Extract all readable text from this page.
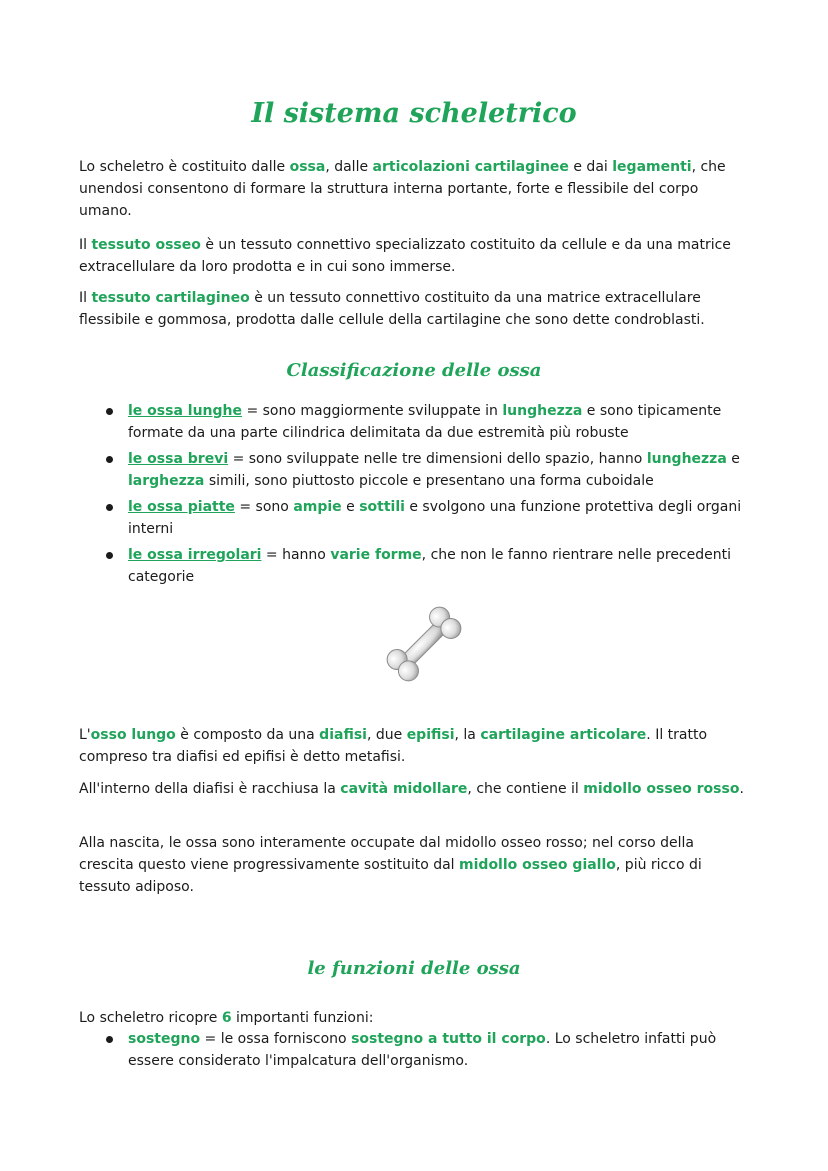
Il sistema scheletrico

Lo scheletro è costituito dalle ossa, dalle articolazioni cartilaginee e dai legamenti, che unendosi consentono di formare la struttura interna portante, forte e flessibile del corpo umano.

Il tessuto osseo è un tessuto connettivo specializzato costituito da cellule e da una matrice extracellulare da loro prodotta e in cui sono immerse.

Il tessuto cartilagineo è un tessuto connettivo costituito da una matrice extracellulare flessibile e gommosa, prodotta dalle cellule della cartilagine che sono dette condroblasti.

Classificazione delle ossa
le ossa lunghe = sono maggiormente sviluppate in lunghezza e sono tipicamente formate da una parte cilindrica delimitata da due estremità più robuste
le ossa brevi = sono sviluppate nelle tre dimensioni dello spazio, hanno lunghezza e larghezza simili, sono piuttosto piccole e presentano una forma cuboidale
le ossa piatte = sono ampie e sottili e svolgono una funzione protettiva degli organi interni
le ossa irregolari = hanno varie forme, che non le fanno rientrare nelle precedenti categorie

L'osso lungo è composto da una diafisi, due epifisi, la cartilagine articolare. Il tratto compreso tra diafisi ed epifisi è detto metafisi.

All'interno della diafisi è racchiusa la cavità midollare, che contiene il midollo osseo rosso.

Alla nascita, le ossa sono interamente occupate dal midollo osseo rosso; nel corso della crescita questo viene progressivamente sostituito dal midollo osseo giallo, più ricco di tessuto adiposo.

le funzioni delle ossa

Lo scheletro ricopre 6 importanti funzioni:

sostegno = le ossa forniscono sostegno a tutto il corpo. Lo scheletro infatti può essere considerato l'impalcatura dell'organismo.
